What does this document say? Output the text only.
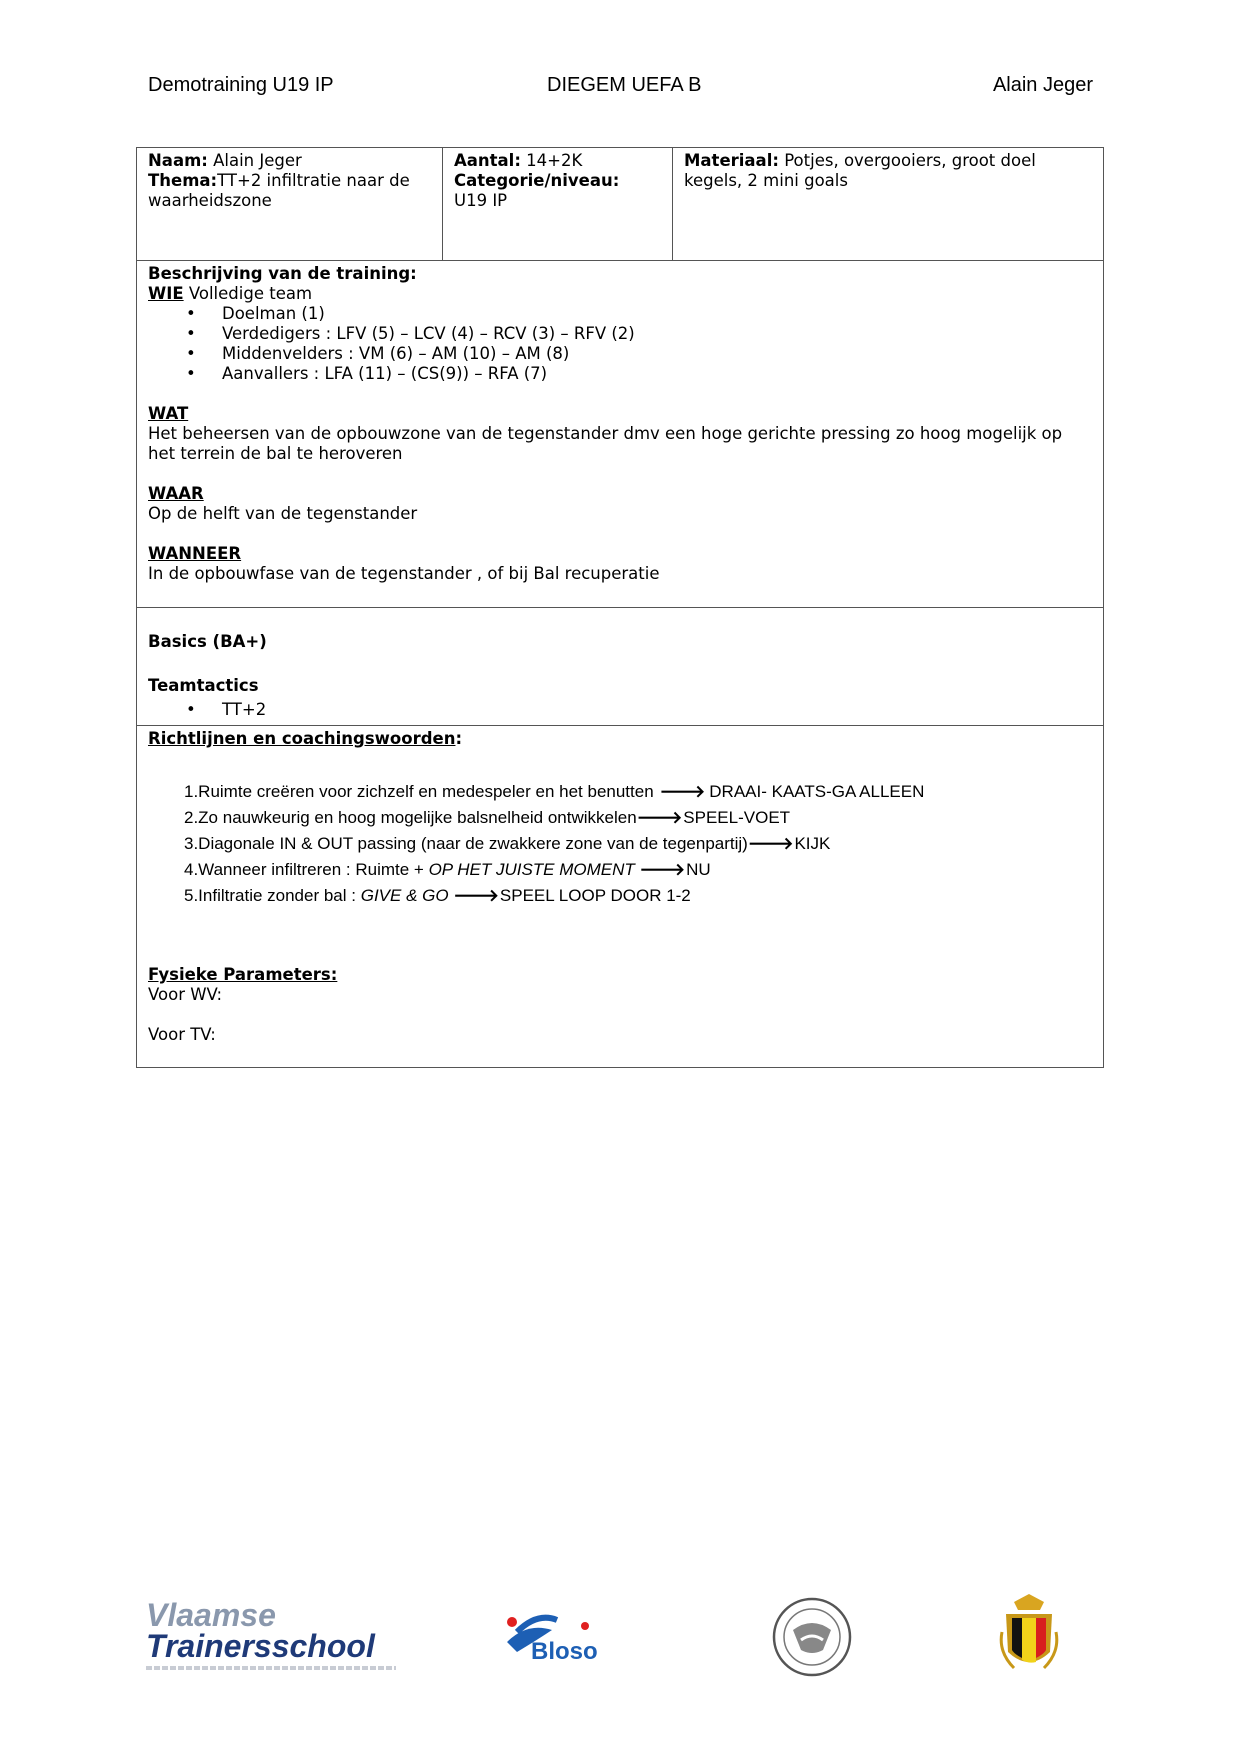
Demotraining U19 IP	DIEGEM UEFA B	Alain Jeger
Naam: Alain Jeger
Thema:TT+2 infiltratie naar de waarheidszone
Aantal: 14+2K
Categorie/niveau:
U19 IP
Materiaal: Potjes, overgooiers, groot doel kegels, 2 mini goals
Beschrijving van de training:
WIE Volledige team
• Doelman (1)
• Verdedigers : LFV (5) – LCV (4) – RCV (3) – RFV (2)
• Middenvelders : VM (6) – AM (10) – AM (8)
• Aanvallers : LFA (11) – (CS(9)) – RFA (7)
WAT
Het beheersen van de opbouwzone van de tegenstander dmv een hoge gerichte pressing zo hoog mogelijk op het terrein de bal te heroveren
WAAR
Op de helft van de tegenstander
WANNEER
In de opbouwfase van de tegenstander , of bij Bal recuperatie
Basics (BA+)
Teamtactics
• TT+2
Richtlijnen en coachingswoorden:
1.Ruimte creëren voor zichzelf en medespeler en het benutten 🡒 DRAAI- KAATS-GA ALLEEN
2.Zo nauwkeurig en hoog mogelijke balsnelheid ontwikkelen🡒SPEEL-VOET
3.Diagonale IN & OUT passing (naar de zwakkere zone van de tegenpartij)🡒KIJK
4.Wanneer infiltreren : Ruimte + OP HET JUISTE MOMENT 🡒NU
5.Infiltratie zonder bal : GIVE & GO 🡒SPEEL LOOP DOOR 1-2
Fysieke Parameters:
Voor WV:
Voor TV:
Vlaamse
Trainersschool	Bloso
